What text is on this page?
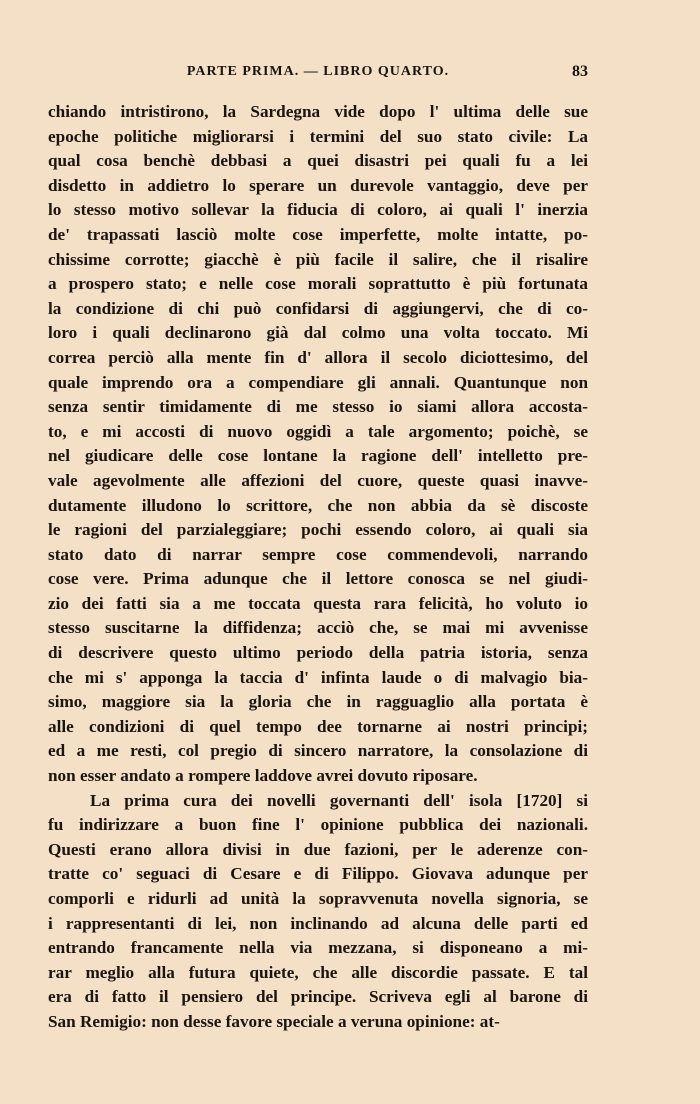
PARTE PRIMA. — LIBRO QUARTO.	83
chiando intristirono, la Sardegna vide dopo l' ultima delle sue
epoche politiche migliorarsi i termini del suo stato civile: La
qual cosa benchè debbasi a quei disastri pei quali fu a lei
disdetto in addietro lo sperare un durevole vantaggio, deve per
lo stesso motivo sollevar la fiducia di coloro, ai quali l' inerzia
de' trapassati lasciò molte cose imperfette, molte intatte, po-
chissime corrotte; giacchè è più facile il salire, che il risalire
a prospero stato; e nelle cose morali soprattutto è più fortunata
la condizione di chi può confidarsi di aggiungervi, che di co-
loro i quali declinarono già dal colmo una volta toccato. Mi
correa perciò alla mente fin d' allora il secolo diciottesimo, del
quale imprendo ora a compendiare gli annali. Quantunque non
senza sentir timidamente di me stesso io siami allora accosta-
to, e mi accosti di nuovo oggidì a tale argomento; poichè, se
nel giudicare delle cose lontane la ragione dell' intelletto pre-
vale agevolmente alle affezioni del cuore, queste quasi inavve-
dutamente illudono lo scrittore, che non abbia da sè discoste
le ragioni del parzialeggiare; pochi essendo coloro, ai quali sia
stato dato di narrar sempre cose commendevoli, narrando
cose vere. Prima adunque che il lettore conosca se nel giudi-
zio dei fatti sia a me toccata questa rara felicità, ho voluto io
stesso suscitarne la diffidenza; acciò che, se mai mi avvenisse
di descrivere questo ultimo periodo della patria istoria, senza
che mi s' apponga la taccia d' infinta laude o di malvagio bia-
simo, maggiore sia la gloria che in ragguaglio alla portata è
alle condizioni di quel tempo dee tornarne ai nostri principi;
ed a me resti, col pregio di sincero narratore, la consolazione di
non esser andato a rompere laddove avrei dovuto riposare.
La prima cura dei novelli governanti dell' isola [1720] si
fu indirizzare a buon fine l' opinione pubblica dei nazionali.
Questi erano allora divisi in due fazioni, per le aderenze con-
tratte co' seguaci di Cesare e di Filippo. Giovava adunque per
comporli e ridurli ad unità la sopravvenuta novella signoria, se
i rappresentanti di lei, non inclinando ad alcuna delle parti ed
entrando francamente nella via mezzana, si disponeano a mi-
rar meglio alla futura quiete, che alle discordie passate. E tal
era di fatto il pensiero del principe. Scriveva egli al barone di
San Remigio: non desse favore speciale a veruna opinione: at-
